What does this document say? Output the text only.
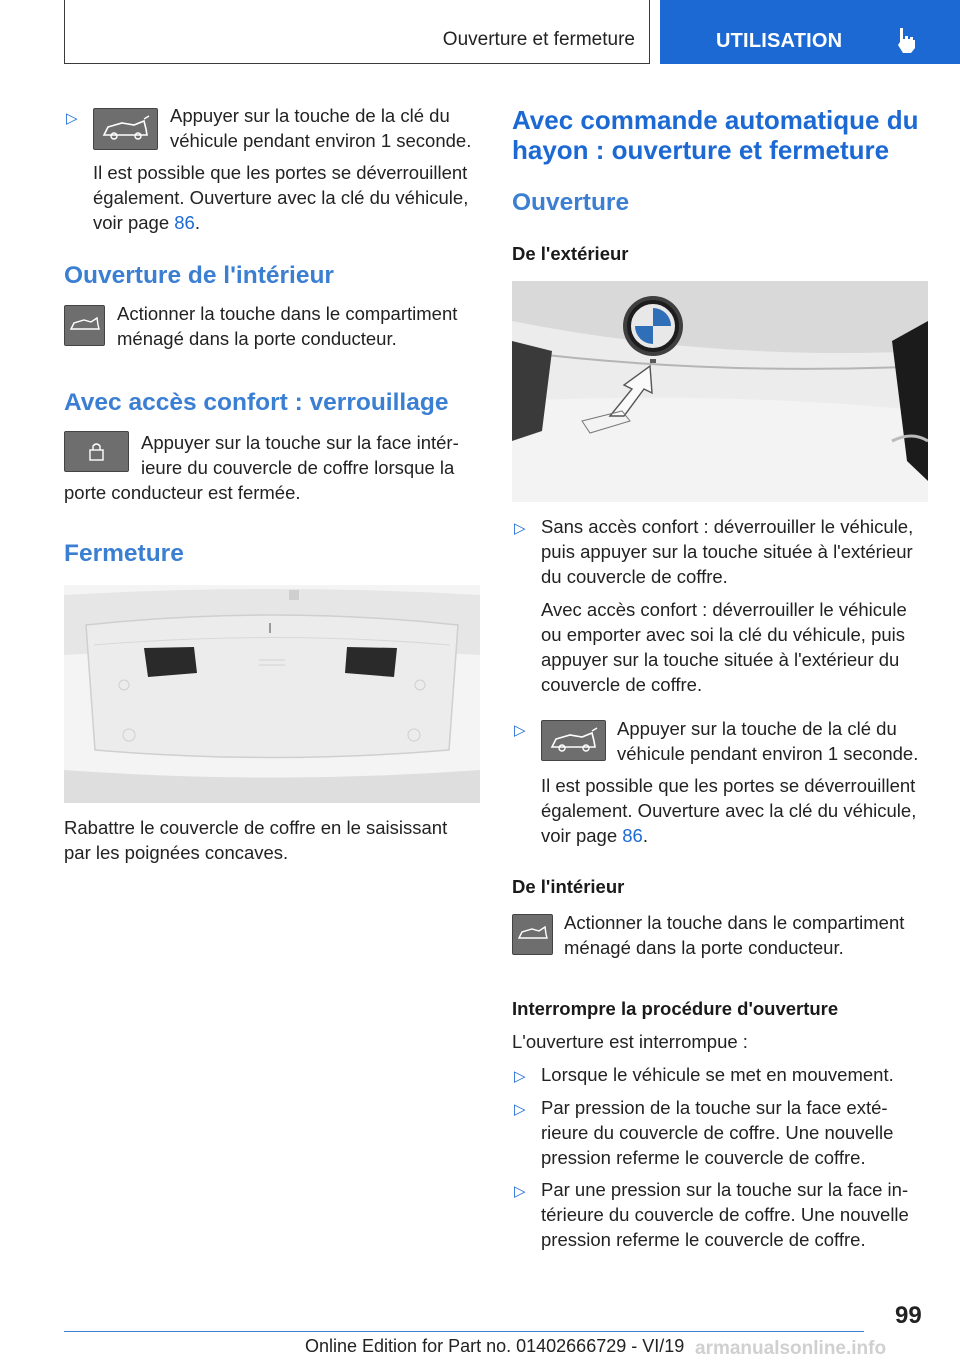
Ouverture et fermeture	UTILISATION
▷	Appuyer sur la touche de la clé du
véhicule pendant environ 1 seconde.
Il est possible que les portes se déverrouillent
également. Ouverture avec la clé du véhicule,
voir page 86.
Ouverture de l'intérieur
Actionner la touche dans le compartiment
ménagé dans la porte conducteur.
Avec accès confort : verrouillage
Appuyer sur la touche sur la face intér‐
ieure du couvercle de coffre lorsque la
porte conducteur est fermée.
Fermeture
Rabattre le couvercle de coffre en le saisissant
par les poignées concaves.
Avec commande automatique du
hayon : ouverture et fermeture
Ouverture
De l'extérieur
▷ Sans accès confort : déverrouiller le véhicule,
puis appuyer sur la touche située à l'extérieur
du couvercle de coffre.
Avec accès confort : déverrouiller le véhicule
ou emporter avec soi la clé du véhicule, puis
appuyer sur la touche située à l'extérieur du
couvercle de coffre.
▷	Appuyer sur la touche de la clé du
véhicule pendant environ 1 seconde.
Il est possible que les portes se déverrouillent
également. Ouverture avec la clé du véhicule,
voir page 86.
De l'intérieur
Actionner la touche dans le compartiment
ménagé dans la porte conducteur.
Interrompre la procédure d'ouverture
L'ouverture est interrompue :
▷ Lorsque le véhicule se met en mouvement.
▷ Par pression de la touche sur la face exté‐
rieure du couvercle de coffre. Une nouvelle
pression referme le couvercle de coffre.
▷ Par une pression sur la touche sur la face in‐
térieure du couvercle de coffre. Une nouvelle
pression referme le couvercle de coffre.
99
Online Edition for Part no. 01402666729 - VI/19 armanualsonline.info
